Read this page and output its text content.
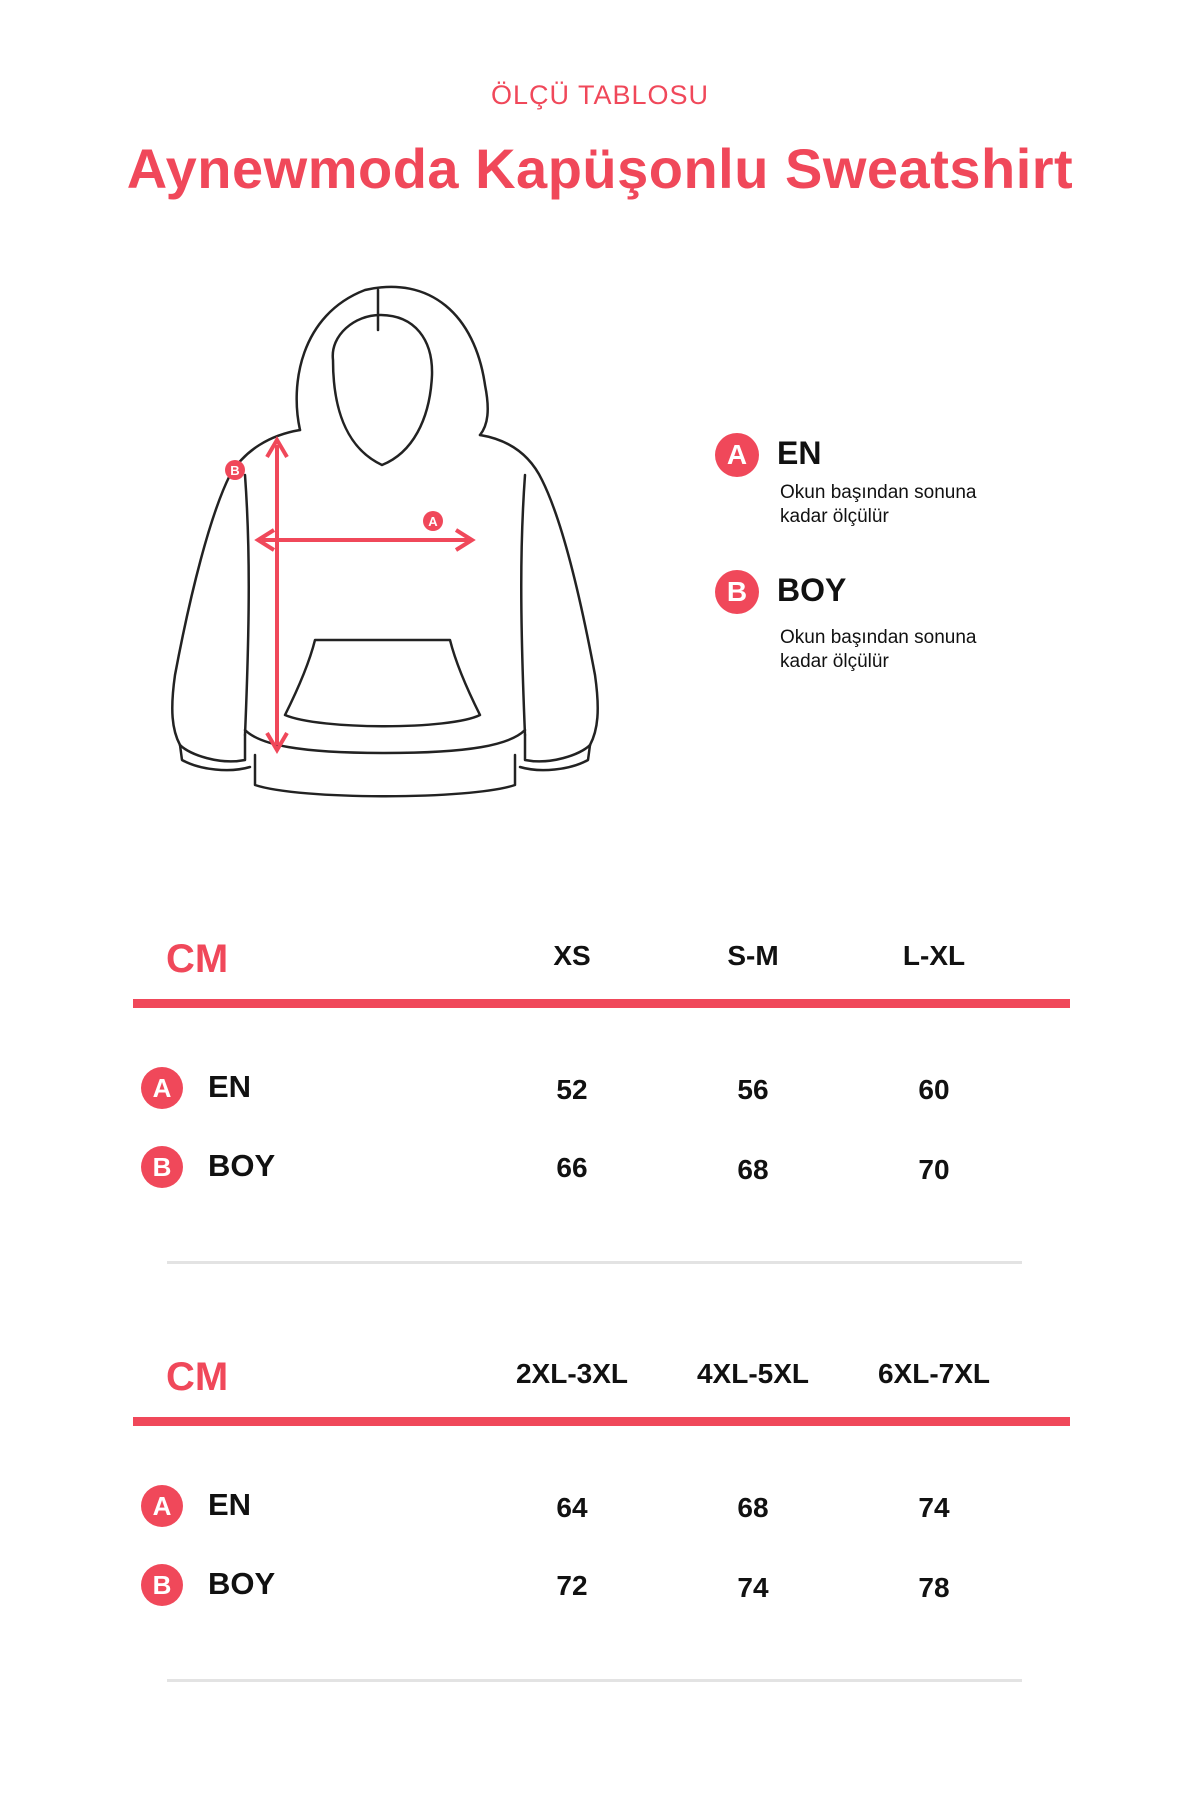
ÖLÇÜ TABLOSU
Aynewmoda Kapüşonlu Sweatshirt
B
A
A EN
Okun başından sonuna
kadar ölçülür
B BOY
Okun başından sonuna
kadar ölçülür
CM	XS	S-M	L-XL
A	EN	52	56	60
B	BOY	66	68	70
CM	2XL-3XL	4XL-5XL	6XL-7XL
A	EN	64	68	74
B	BOY	72	74	78
